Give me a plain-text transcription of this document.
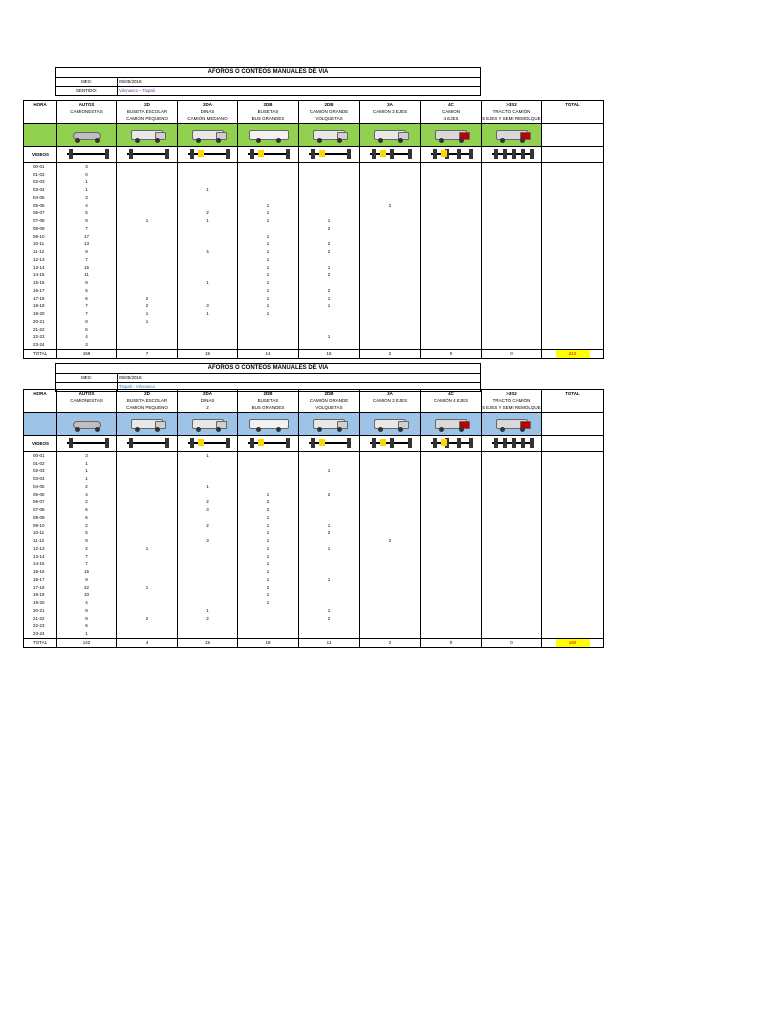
AFOROS O CONTEOS MANUALES DE VIA
MES:	05/05/2018
SENTIDO:	Vilcnasco - Tixpali
HORA	AUTOS	2D	2DA	2DB	2DB	3A	4C	>3S2	TOTAL
	CAMIONESTAS	BUSETA ESCOLAR	DINAS	BUSETAS	CAMIÓN GRANDE	CAMION 3 EJES	CAMION	TRACTO CAMIÓN	
		CAMION PEQUENO	CAMIÓN MEDIANO	BUS GRANDES	VOLQUETAS		4 EJES	5 EJES Y SEMI REMOLQUE	

VIDEOS	

00-01	3								
01-02	0								
02-03	1								
03-04	1		1						
04-05	3								
05-06	4			1		2			
06-07	5		2	1					
07-08	8	1	1	1	1				
08-09	7				2				
09-10	17			1					
10-11	13			1	2				
11-12	9		4	1	2				
12-13	7			1					
13-14	15			1	1				
14-15	11			1	2				
15-16	9		1	1					
16-17	5			1	2				
17-18	6	2		1	1				
18-19	7	2	3	1	1				
19-20	7	1	1	1					
20-21	8	1							
21-22	6								
22-23	4				1				
23-24	3								
TOTAL	159	7	15	14	15	2	0	0	212
AFOROS O CONTEOS MANUALES DE VIA
MES:	05/05/2018
Tixpali - Vilcnasco
HORA	AUTOS	2D	2DA	2DB	2DB	3A	4C	>3S2	TOTAL
	CAMIONESTAS	BUSETA ESCOLAR	DINAS	BUSETAS	CAMIÓN GRANDE	CAMION 3 EJES	CAMIÓN 4 EJES	TRACTO CAMIÓN	
		CAMION PEQUENO	2	BUS GRANDES	VOLQUETAS			5 EJES Y SEMI REMOLQUE	

VIDEOS	

00-01	3		1						
01-02	1								
02-03	1				1				
03-04	1								
04-05	2		1						
05-06	4			1	2				
06-07	2		2	2					
07-08	6		3	2					
08-09	6			1					
09-10	2		2	1	1				
10-11	5			1	2				
11-12	8		3	1		2			
12-13	2	1		1	1				
13-14	7			1					
14-15	7			1					
15-16	15			1					
16-17	9			1	1				
17-18	22	1		2					
18-19	10			1					
19-20	4			1					
20-21	9		1		1				
21-22	9	2	2		2				
22-23	6								
23-24	1								
TOTAL	142	4	15	18	11	2	0	0	192
